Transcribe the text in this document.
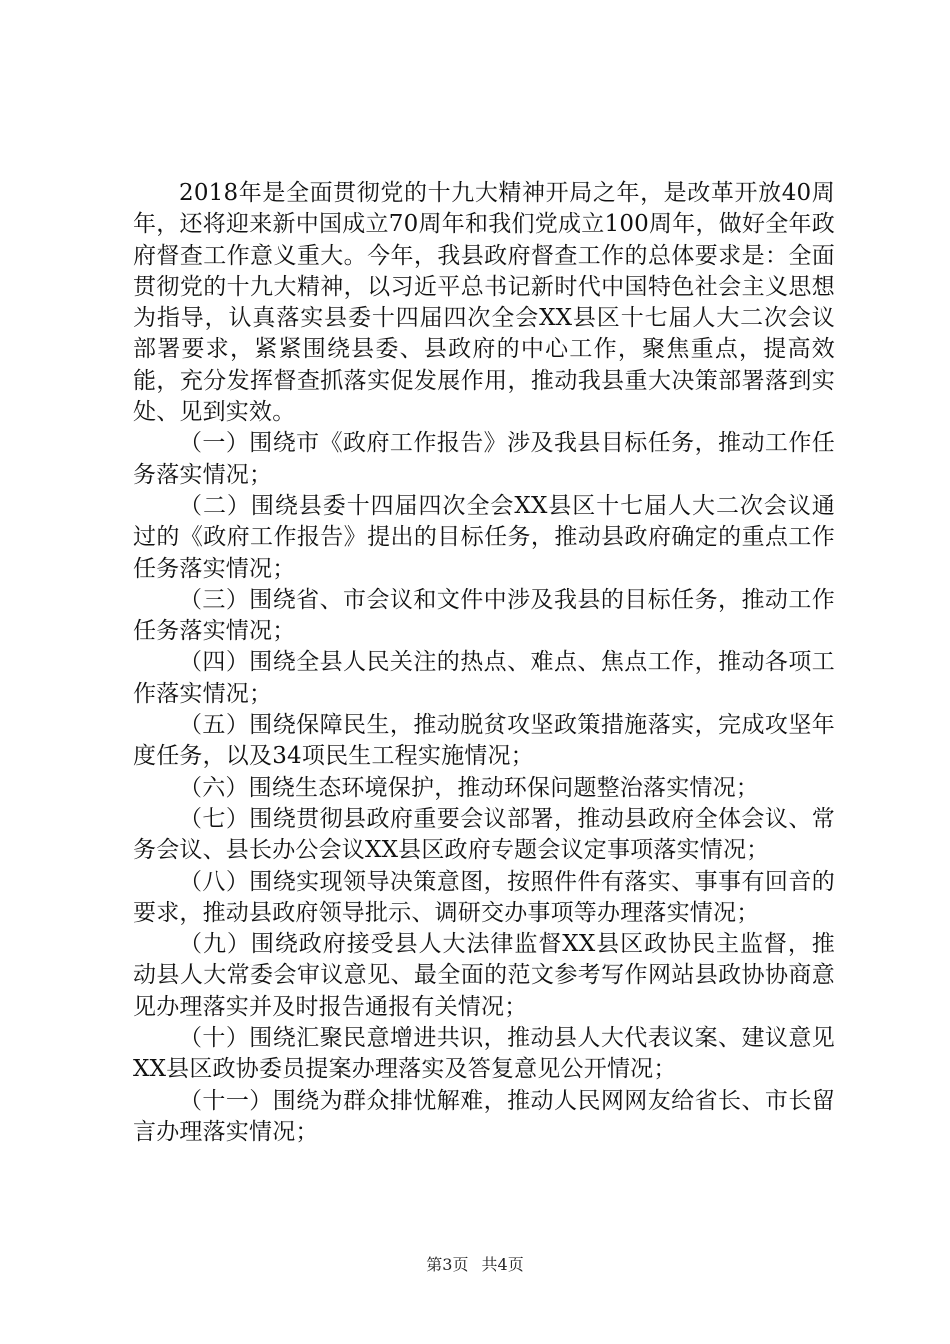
2018年是全面贯彻党的十九大精神开局之年，是改革开放40周年，还将迎来新中国成立70周年和我们党成立100周年，做好全年政府督查工作意义重大。今年，我县政府督查工作的总体要求是：全面贯彻党的十九大精神，以习近平总书记新时代中国特色社会主义思想为指导，认真落实县委十四届四次全会XX县区十七届人大二次会议部署要求，紧紧围绕县委、县政府的中心工作，聚焦重点，提高效能，充分发挥督查抓落实促发展作用，推动我县重大决策部署落到实处、见到实效。

（一）围绕市《政府工作报告》涉及我县目标任务，推动工作任务落实情况；

（二）围绕县委十四届四次全会XX县区十七届人大二次会议通过的《政府工作报告》提出的目标任务，推动县政府确定的重点工作任务落实情况；

（三）围绕省、市会议和文件中涉及我县的目标任务，推动工作任务落实情况；

（四）围绕全县人民关注的热点、难点、焦点工作，推动各项工作落实情况；

（五）围绕保障民生，推动脱贫攻坚政策措施落实，完成攻坚年度任务，以及34项民生工程实施情况；

（六）围绕生态环境保护，推动环保问题整治落实情况；

（七）围绕贯彻县政府重要会议部署，推动县政府全体会议、常务会议、县长办公会议XX县区政府专题会议定事项落实情况；

（八）围绕实现领导决策意图，按照件件有落实、事事有回音的要求，推动县政府领导批示、调研交办事项等办理落实情况；

（九）围绕政府接受县人大法律监督XX县区政协民主监督，推动县人大常委会审议意见、最全面的范文参考写作网站县政协协商意见办理落实并及时报告通报有关情况；

（十）围绕汇聚民意增进共识，推动县人大代表议案、建议意见XX县区政协委员提案办理落实及答复意见公开情况；

（十一）围绕为群众排忧解难，推动人民网网友给省长、市长留言办理落实情况；

第3页 共4页
